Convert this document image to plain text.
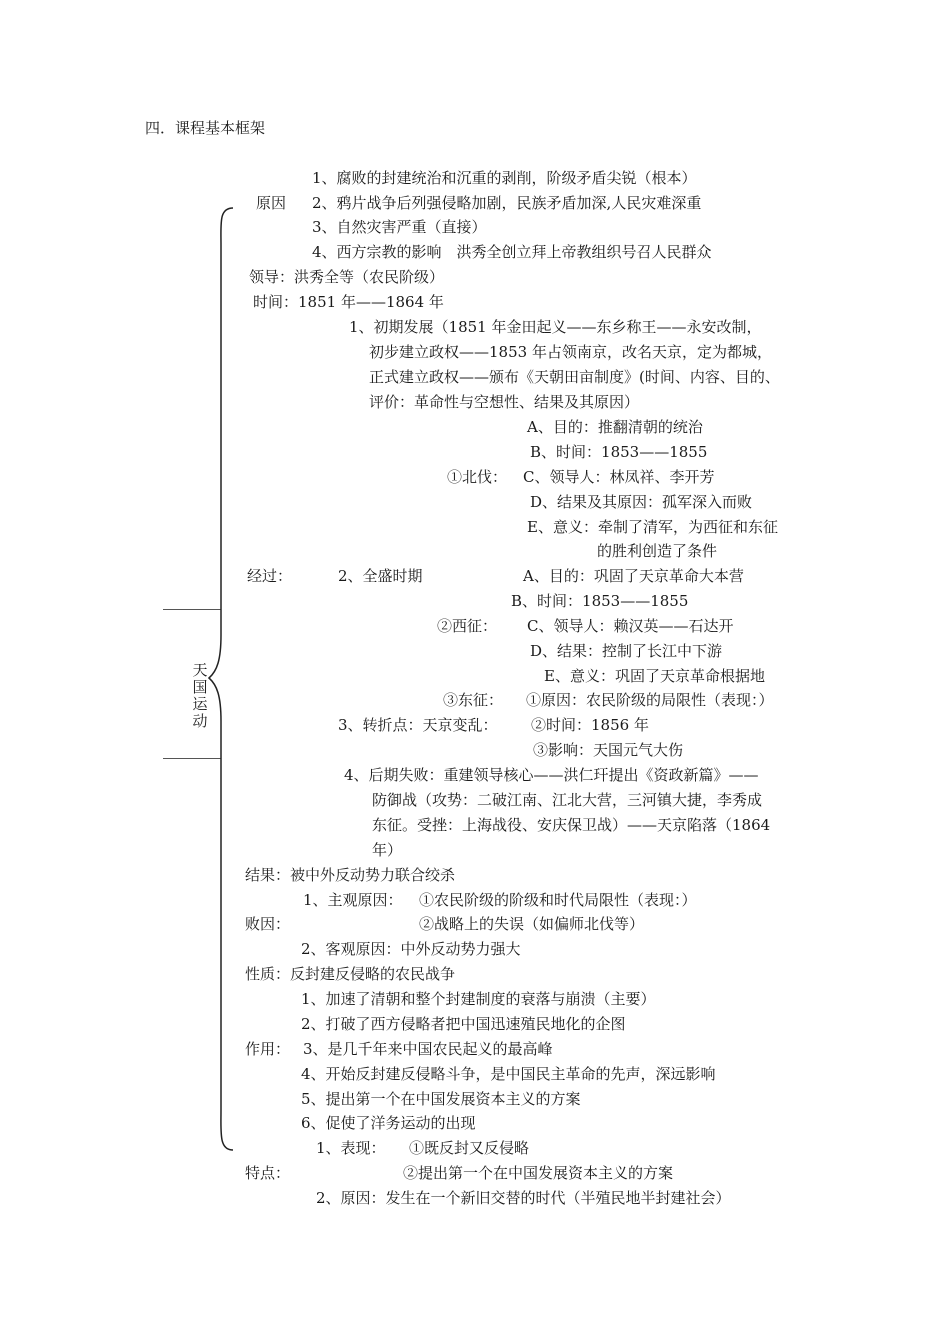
四．课程基本框架
天国运动
1、腐败的封建统治和沉重的剥削，阶级矛盾尖锐（根本）
原因 2、鸦片战争后列强侵略加剧，民族矛盾加深,人民灾难深重
3、自然灾害严重（直接）
4、西方宗教的影响　洪秀全创立拜上帝教组织号召人民群众
领导：洪秀全等（农民阶级）
时间：1851 年——1864 年
1、初期发展（1851 年金田起义——东乡称王——永安改制，
初步建立政权——1853 年占领南京，改名天京，定为都城，
正式建立政权——颁布《天朝田亩制度》(时间、内容、目的、
评价：革命性与空想性、结果及其原因）
A、目的：推翻清朝的统治
B、时间：1853——1855
①北伐： C、领导人：林凤祥、李开芳
D、结果及其原因：孤军深入而败
E、意义：牵制了清军，为西征和东征
的胜利创造了条件
经过：	2、全盛时期	A、目的：巩固了天京革命大本营
B、时间：1853——1855
②西征： C、领导人：赖汉英——石达开
D、结果：控制了长江中下游
E、意义：巩固了天京革命根据地
③东征： ①原因：农民阶级的局限性（表现：）
3、转折点：天京变乱： ②时间：1856 年
③影响：天国元气大伤
4、后期失败：重建领导核心——洪仁玕提出《资政新篇》——
防御战（攻势：二破江南、江北大营，三河镇大捷，李秀成
东征。受挫：上海战役、安庆保卫战）——天京陷落（1864
年）
结果：被中外反动势力联合绞杀
1、主观原因： ①农民阶级的阶级和时代局限性（表现：）
败因：	②战略上的失误（如偏师北伐等）
2、客观原因：中外反动势力强大
性质：反封建反侵略的农民战争
1、加速了清朝和整个封建制度的衰落与崩溃（主要）
2、打破了西方侵略者把中国迅速殖民地化的企图
作用： 3、是几千年来中国农民起义的最高峰
4、开始反封建反侵略斗争，是中国民主革命的先声，深远影响
5、提出第一个在中国发展资本主义的方案
6、促使了洋务运动的出现
1、表现： ①既反封又反侵略
特点：	②提出第一个在中国发展资本主义的方案
2、原因：发生在一个新旧交替的时代（半殖民地半封建社会）
